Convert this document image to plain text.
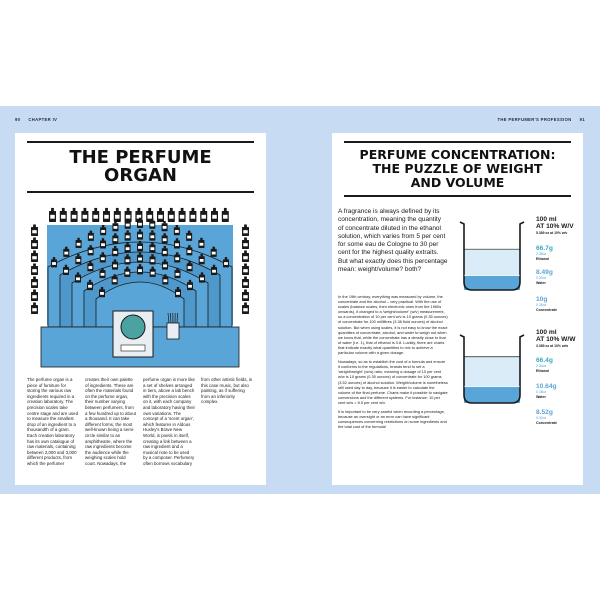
90 CHAPTER IV	THE PERFUMER'S PROFESSION 91
THE PERFUME
ORGAN
The perfume organ is a piece of furniture for storing the various raw ingredients required in a creation laboratory. The precision scales take centre stage and are used to measure the smallest drop of an ingredient to a thousandth of a gram. Each creation laboratory has its own catalogue of raw materials, containing between 2,000 and 3,000 different products, from which the perfumer
creates their own palette of ingredients. These are often the materials found on the perfume organ, their number varying between perfumers, from a few hundred up to about a thousand. It can take different forms, the most well-known being a semi-circle similar to an amphitheatre, where the raw ingredients become the audience while the weighing scales hold court. Nowadays, the
perfume organ is more like a set of shelves arranged in tiers, above a lab bench with the precision scales on it, with each company and laboratory having their own variations. The concept of a 'scent organ', which features in Aldous Huxley's Brave New World, is poetic in itself, creating a link between a raw ingredient and a musical note to be used by a composer. Perfumery often borrows vocabulary
from other artistic fields, in this case music, but also painting, as if suffering from an inferiority complex.
PERFUME CONCENTRATION:
THE PUZZLE OF WEIGHT
AND VOLUME
A fragrance is always defined by its concentration, meaning the quantity of concentrate diluted in the ethanol solution, which varies from 5 per cent for some eau de Cologne to 30 per cent for the highest quality extraits. But what exactly does this percentage mean: weight/volume? both?

In the 19th century, everything was measured by volume, the concentrate and the alcohol – very practical. With the use of scales (balance scales, then electronic ones from the 1960s onwards), it changed to a 'weight/volume' (w/v) measurement, so a concentration of 10 per cent w/v is 10 grams (0.35 ounces) of concentrate for 100 millilitres (3.38 fluid ounces) of alcohol solution. But when using scales, it is not easy to know the exact quantities of concentrate, alcohol, and water to weigh out when we know that, while the concentrate has a density close to that of water (i.e. 1), that of ethanol is 0.8. Luckily, there are charts that indicate exactly what quantities to mix to achieve a particular volume with a given dosage.

Nowadays, so as to establish the cost of a formula and ensure it conforms to the regulations, brands tend to set a 'weight/weight' (w/w) ratio, meaning a dosage of 10 per cent w/w is 10 grams (0.35 ounces) of concentrate for 100 grams (3.52 ounces) of alcohol solution. Weight/volume is nonetheless still used day to day, because it is easier to calculate the volume of the final perfume. Charts make it possible to navigate conversions and the different systems. For instance: 10 per cent w/w = 8.5 per cent w/v.

It is important to be very careful when recording a percentage, because an oversight or an error can have significant consequences concerning restrictions on some ingredients and the total cost of the formula!

100 ml
AT 10% W/V
5.389 oz at 10% w/v
66.7g
2.35oz
Ethanol
8.49g
0.30oz
Water
10g
0.35oz
Concentrate
100 ml
AT 10% W/W
3.389 oz at 10% w/w
66.4g
2.34oz
Ethanol
10.64g
0.38oz
Water
8.52g
0.30oz
Concentrate
